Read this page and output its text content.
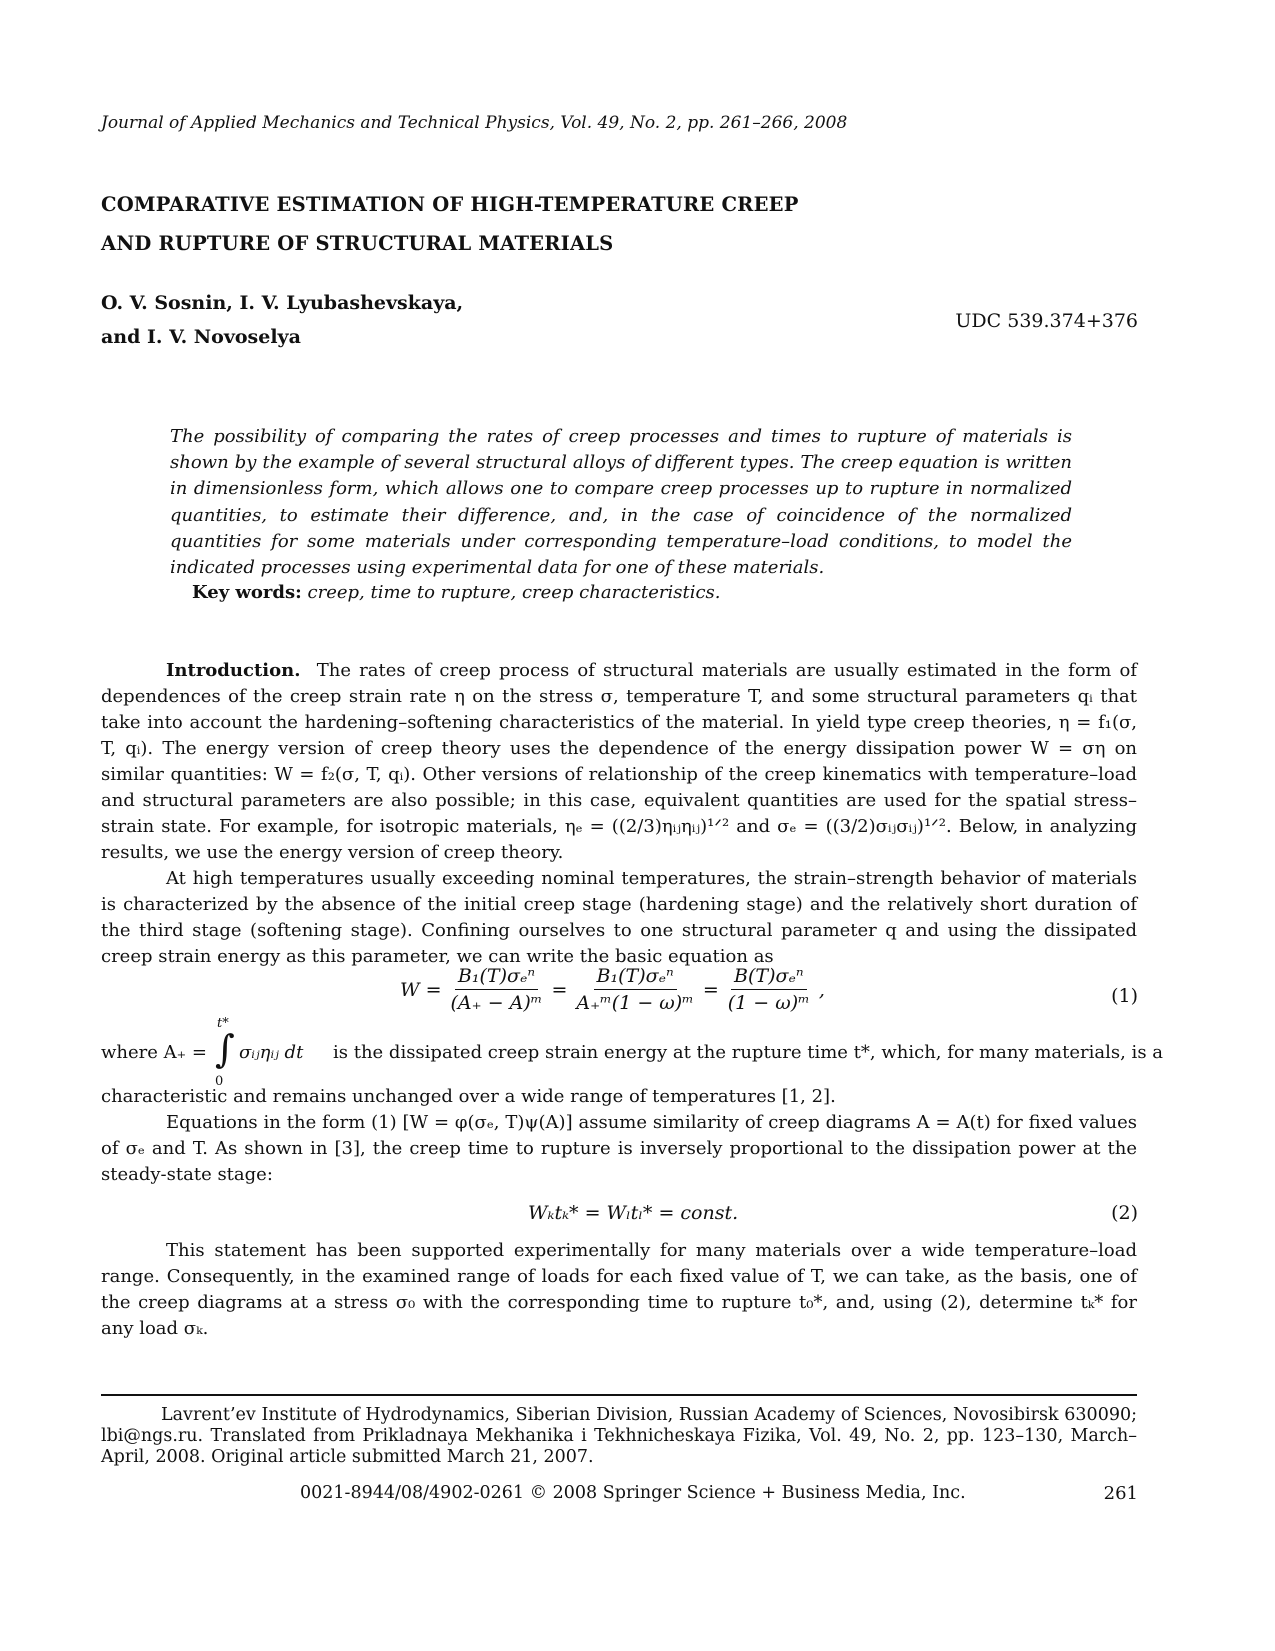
Journal of Applied Mechanics and Technical Physics, Vol. 49, No. 2, pp. 261–266, 2008
COMPARATIVE ESTIMATION OF HIGH-TEMPERATURE CREEP
AND RUPTURE OF STRUCTURAL MATERIALS
O. V. Sosnin, I. V. Lyubashevskaya,
and I. V. Novoselya
UDC 539.374+376
The possibility of comparing the rates of creep processes and times to rupture of materials is shown by the example of several structural alloys of different types. The creep equation is written in dimensionless form, which allows one to compare creep processes up to rupture in normalized quantities, to estimate their difference, and, in the case of coincidence of the normalized quantities for some materials under corresponding temperature–load conditions, to model the indicated processes using experimental data for one of these materials.
Key words: creep, time to rupture, creep characteristics.

Introduction. The rates of creep process of structural materials are usually estimated in the form of dependences of the creep strain rate η on the stress σ, temperature T, and some structural parameters qᵢ that take into account the hardening–softening characteristics of the material. In yield type creep theories, η = f₁(σ, T, qᵢ). The energy version of creep theory uses the dependence of the energy dissipation power W = ση on similar quantities: W = f₂(σ, T, qᵢ). Other versions of relationship of the creep kinematics with temperature–load and structural parameters are also possible; in this case, equivalent quantities are used for the spatial stress–strain state. For example, for isotropic materials, ηₑ = ((2/3)ηᵢⱼηᵢⱼ)¹ᐟ² and σₑ = ((3/2)σᵢⱼσᵢⱼ)¹ᐟ². Below, in analyzing results, we use the energy version of creep theory.

At high temperatures usually exceeding nominal temperatures, the strain–strength behavior of materials is characterized by the absence of the initial creep stage (hardening stage) and the relatively short duration of the third stage (softening stage). Confining ourselves to one structural parameter q and using the dissipated creep strain energy as this parameter, we can write the basic equation as

$W = \frac{\text{B₁(T)σₑⁿ}}{\text{(A₊ − A)ᵐ}} = \frac{\text{B₁(T)σₑⁿ}}{\text{A₊ᵐ(1 − ω)ᵐ}} = \frac{\text{B(T)σₑⁿ}}{\text{(1 − ω)ᵐ}}$ ,	(1)
where A₊ =
t*
∫
0
σᵢⱼηᵢⱼ dt is the dissipated creep strain energy at the rupture time t*, which, for many materials, is a

characteristic and remains unchanged over a wide range of temperatures [1, 2].

Equations in the form (1) [W = φ(σₑ, T)ψ(A)] assume similarity of creep diagrams A = A(t) for fixed values of σₑ and T. As shown in [3], the creep time to rupture is inversely proportional to the dissipation power at the steady-state stage:

Wₖtₖ* = Wₗtₗ* = const.	(2)
This statement has been supported experimentally for many materials over a wide temperature–load range. Consequently, in the examined range of loads for each fixed value of T, we can take, as the basis, one of the creep diagrams at a stress σ₀ with the corresponding time to rupture t₀*, and, using (2), determine tₖ* for any load σₖ.
Lavrent’ev Institute of Hydrodynamics, Siberian Division, Russian Academy of Sciences, Novosibirsk 630090; lbi@ngs.ru. Translated from Prikladnaya Mekhanika i Tekhnicheskaya Fizika, Vol. 49, No. 2, pp. 123–130, March–April, 2008. Original article submitted March 21, 2007.
0021-8944/08/4902-0261 © 2008 Springer Science + Business Media, Inc.	261
